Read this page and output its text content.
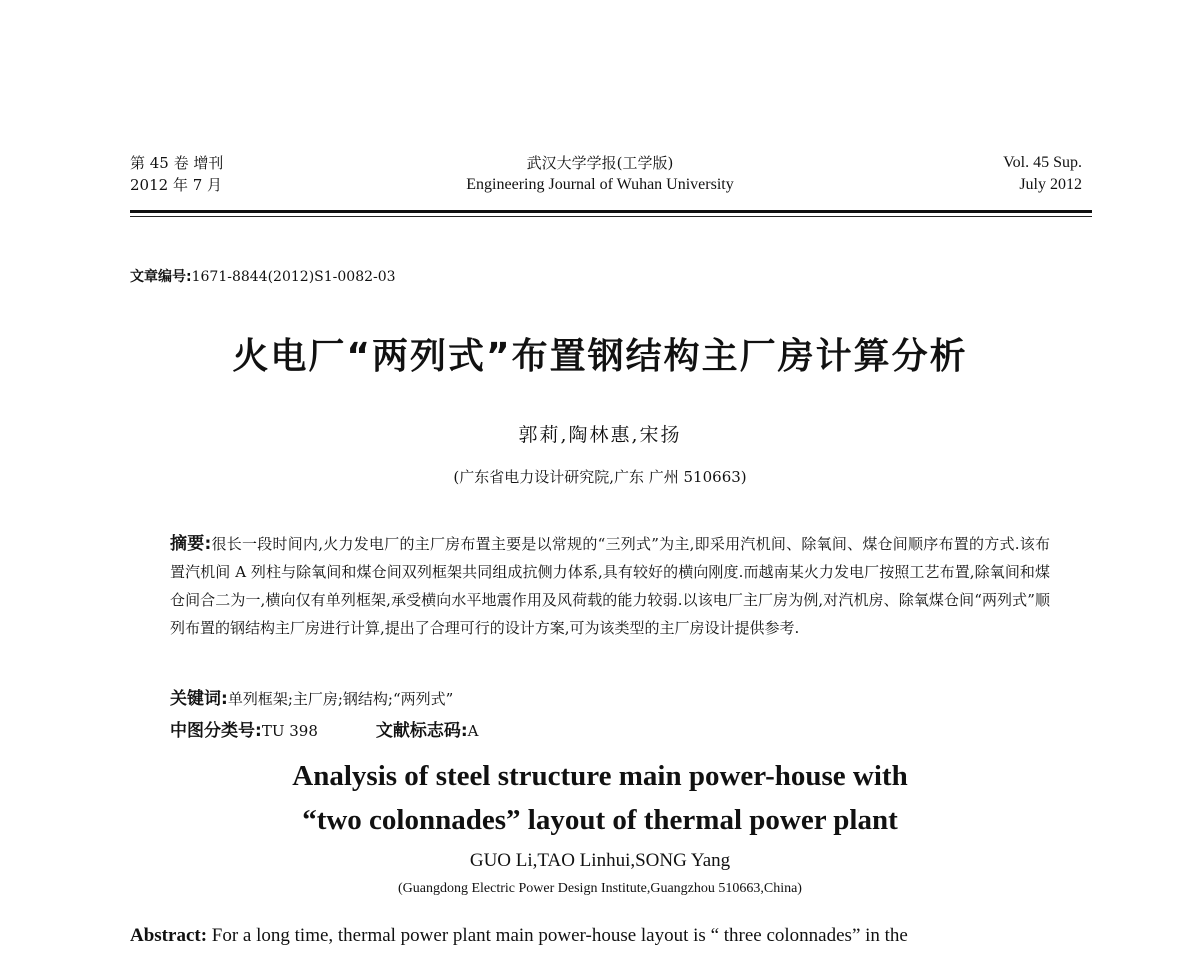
第 45 卷 增刊
2012 年 7 月
武汉大学学报(工学版)
Engineering Journal of Wuhan University
Vol. 45 Sup.
July 2012
文章编号:1671-8844(2012)S1-0082-03
火电厂“两列式”布置钢结构主厂房计算分析
郭莉,陶林惠,宋扬
(广东省电力设计研究院,广东 广州 510663)
摘要:很长一段时间内,火力发电厂的主厂房布置主要是以常规的“三列式”为主,即采用汽机间、除氧间、煤仓间顺序布置的方式.该布置汽机间 A 列柱与除氧间和煤仓间双列框架共同组成抗侧力体系,具有较好的横向刚度.而越南某火力发电厂按照工艺布置,除氧间和煤仓间合二为一,横向仅有单列框架,承受横向水平地震作用及风荷载的能力较弱.以该电厂主厂房为例,对汽机房、除氧煤仓间“两列式”顺列布置的钢结构主厂房进行计算,提出了合理可行的设计方案,可为该类型的主厂房设计提供参考.
关键词:单列框架;主厂房;钢结构;“两列式”
中图分类号:TU 398	文献标志码:A
Analysis of steel structure main power-house with
“two colonnades” layout of thermal power plant
GUO Li,TAO Linhui,SONG Yang
(Guangdong Electric Power Design Institute,Guangzhou 510663,China)
Abstract: For a long time, thermal power plant main power-house layout is “ three colonnades” in the
